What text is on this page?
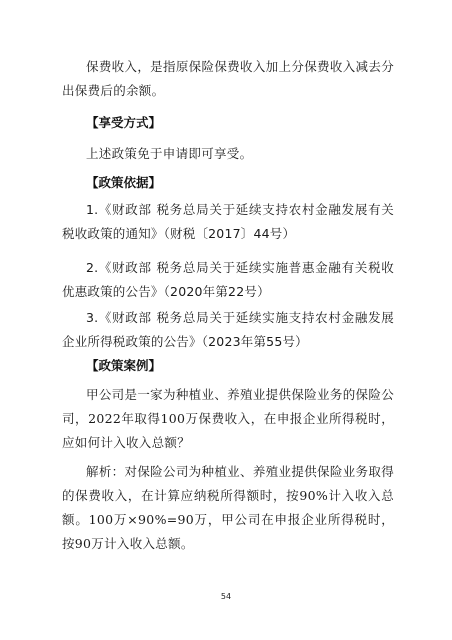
保费收入，是指原保险保费收入加上分保费收入减去分出保费后的余额。

【享受方式】

上述政策免于申请即可享受。

【政策依据】

1.《财政部 税务总局关于延续支持农村金融发展有关税收政策的通知》（财税〔2017〕44号）

2.《财政部 税务总局关于延续实施普惠金融有关税收优惠政策的公告》（2020年第22号）

3.《财政部 税务总局关于延续实施支持农村金融发展企业所得税政策的公告》（2023年第55号）

【政策案例】

甲公司是一家为种植业、养殖业提供保险业务的保险公司，2022年取得100万保费收入，在申报企业所得税时，应如何计入收入总额？

解析：对保险公司为种植业、养殖业提供保险业务取得的保费收入，在计算应纳税所得额时，按90%计入收入总额。100万×90%=90万，甲公司在申报企业所得税时，按90万计入收入总额。

54
